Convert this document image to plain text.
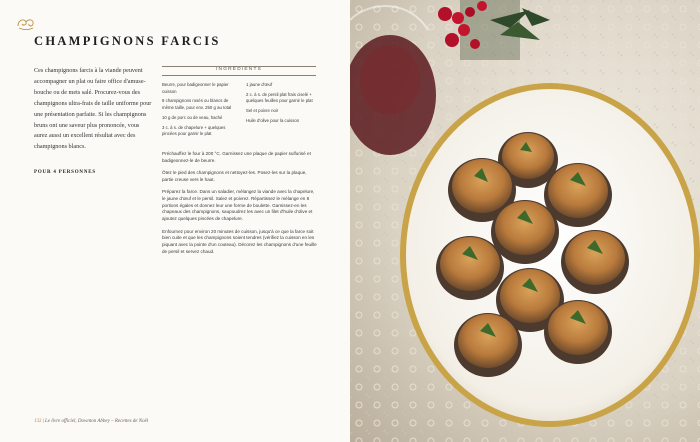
CHAMPIGNONS FARCIS
Ces champignons farcis à la viande peuvent accompagner un plat ou faire office d'amuse-bouche ou de mets salé. Procurez-vous des champignons ultra-frais de taille uniforme pour une présentation parfaite. Si les champignons bruns ont une saveur plus prononcée, vous aurez aussi un excellent résultat avec des champignons blancs.
POUR 4 PERSONNES
INGRÉDIENTS
Beurre, pour badigeonner le papier cuisson
8 champignons rosés ou blancs de même taille, pour env. 250 g au total
10 g de porc ou de veau, haché
3 c. à s. de chapelure + quelques pincées pour garnir le plat
1 jaune d'œuf
2 c. à s. de persil plat frais ciselé + quelques feuilles pour garnir le plat
Sel et poivre noir
Huile d'olive pour la cuisson

Préchauffez le four à 200 °C. Garnissez une plaque de papier sulfurisé et badigeonnez-le de beurre.

Ôtez le pied des champignons et nettoyez-les. Posez-les sur la plaque, partie creuse vers le haut.

Préparez la farce. Dans un saladier, mélangez la viande avec la chapelure, le jaune d'œuf et le persil. Salez et poivrez. Répartissez le mélange en 8 portions égales et donnez leur une forme de boulette. Garnissez-en les chapeaux des champignons, saupoudrez les avec un filet d'huile d'olive et ajoutez quelques pincées de chapelure.

Enfournez pour environ 20 minutes de cuisson, jusqu'à ce que la farce soit bien cuite et que les champignons soient tendres (vérifiez la cuisson en les piquant avec la pointe d'un couteau). Décorez les champignons d'une feuille de persil et servez chaud.

132 | Le livre officiel, Downton Abbey – Recettes de Noël
